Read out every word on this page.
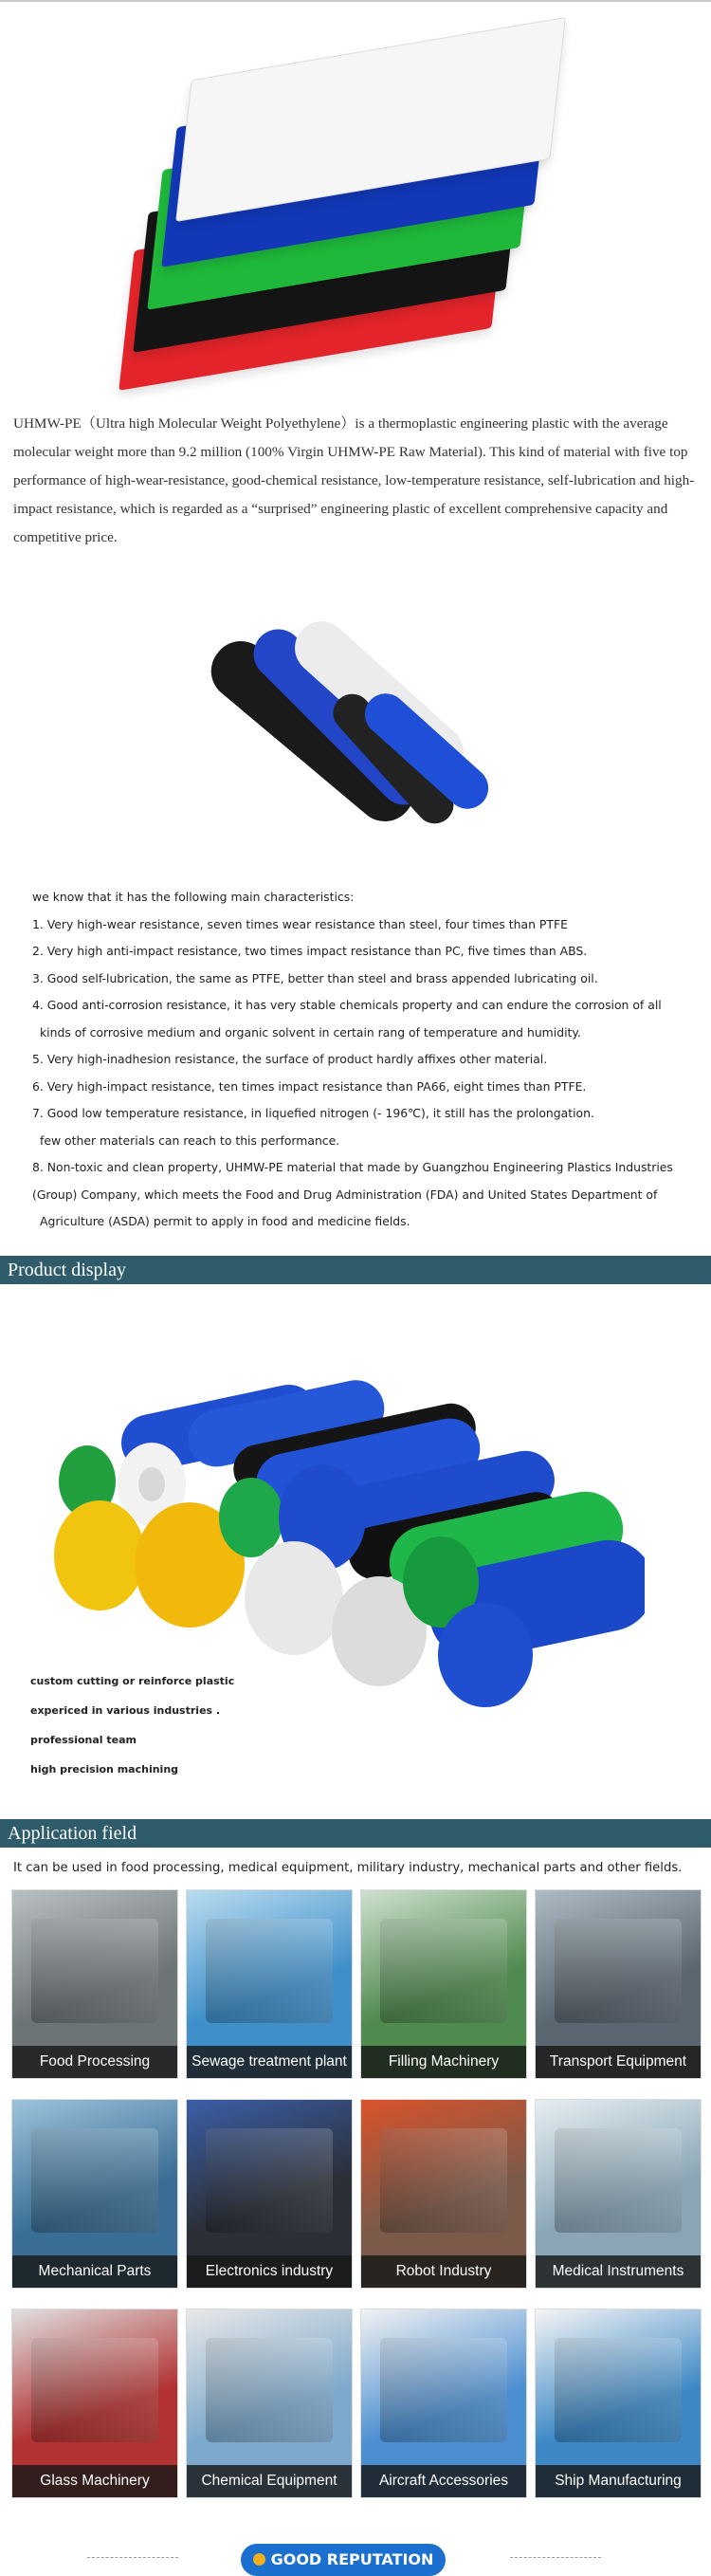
UHMW-PE（Ultra high Molecular Weight Polyethylene）is a thermoplastic engineering plastic with the average molecular weight more than 9.2 million (100% Virgin UHMW-PE Raw Material). This kind of material with five top performance of high-wear-resistance, good-chemical resistance, low-temperature resistance, self-lubrication and high-impact resistance, which is regarded as a “surprised” engineering plastic of excellent comprehensive capacity and competitive price.
we know that it has the following main characteristics:
1. Very high-wear resistance, seven times wear resistance than steel, four times than PTFE
2. Very high anti-impact resistance, two times impact resistance than PC, five times than ABS.
3. Good self-lubrication, the same as PTFE, better than steel and brass appended lubricating oil.
4. Good anti-corrosion resistance, it has very stable chemicals property and can endure the corrosion of all
kinds of corrosive medium and organic solvent in certain rang of temperature and humidity.
5. Very high-inadhesion resistance, the surface of product hardly affixes other material.
6. Very high-impact resistance, ten times impact resistance than PA66, eight times than PTFE.
7. Good low temperature resistance, in liquefied nitrogen (- 196℃), it still has the prolongation.
few other materials can reach to this performance.
8. Non-toxic and clean property, UHMW-PE material that made by Guangzhou Engineering Plastics Industries
(Group) Company, which meets the Food and Drug Administration (FDA) and United States Department of
Agriculture (ASDA) permit to apply in food and medicine fields.
Product display
custom cutting or reinforce plastic
expericed in various industries .
professional team
high precision machining
Application field
It can be used in food processing, medical equipment, military industry, mechanical parts and other fields.
Food Processing	Sewage treatment plant	Filling Machinery	Transport Equipment
Mechanical Parts	Electronics industry	Robot Industry	Medical Instruments
Glass Machinery	Chemical Equipment	Aircraft Accessories	Ship Manufacturing
GOOD REPUTATION
